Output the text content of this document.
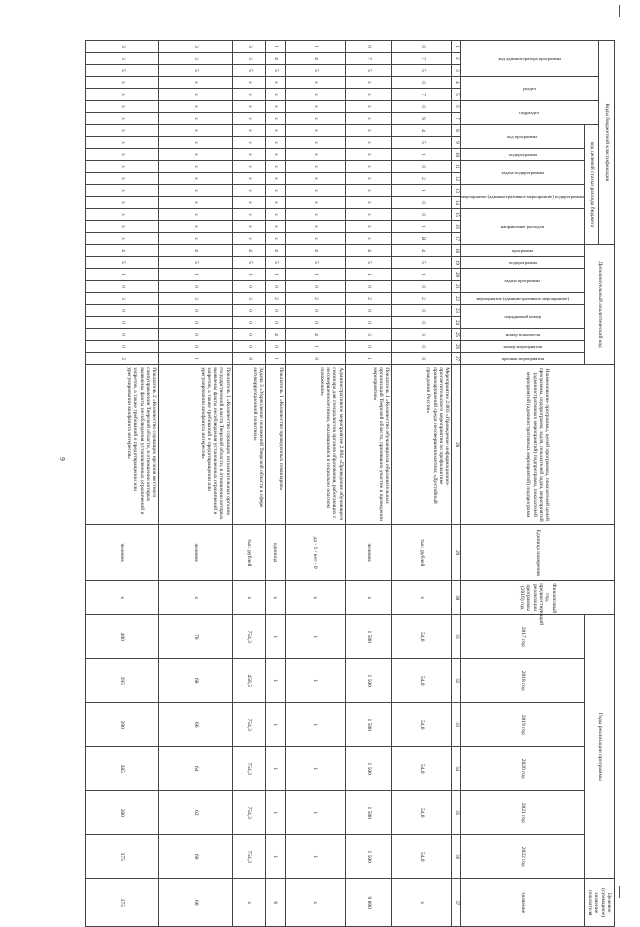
9
Коды бюджетной классификации																	Дополнительный аналитический код										Наименование программы, целей программы, показателей целей программы, подпрограмм, задач, показателей задач, мероприятий (административных мероприятий) подпрограмм, показателей мероприятий (административных мероприятий) подпрограмм	Единица измерения	Финансовый год, предшествующий реализации программы (2016) год	Годы реализации программы						Целевое (суммарное) значение показателя

код администратора программы			раздел		подраздел		код целевой статьи расхода бюджета																													

							код программы		подпрограмма	задача подпрограммы		мероприятие (административное мероприятие) подпрограммы		направление расходов			программа	подпрограмма	задача программы		мероприятие (административное мероприятие)	порядковый номер		номер показателя	номер мероприятия	признак мероприятия				2017 год	2018 год	2019 год	2020 год	2021 год	2022 год	значение
1	2	3	4	5	6	7	8	9	10	11	12	13	14	15	16	17	18	19	20	21	22	23	24	25	26	27	28	29	30	31	32	33	34	35	36	37
0	7	5	0	7	0	9	4	5	1	0	2	1	0	0	1	В	4	5	1	0	2	0	0	3	0	0	Мероприятие 2.003 «Проведение информационно-просветительского мероприятия по профилактике правонарушений среди несовершеннолетних «Достойный гражданин России»	тыс. рублей	x	54,0	54,0	54,0	54,0	54,0	54,0	x
0	7	5	x	x	x	x	x	x	x	x	x	x	x	x	x	x	4	5	1	0	2	0	0	3	0	1	Показатель 1 «Количество обучающихся образовательных организаций Тверской области, принявших участие в проведении мероприятия»	человек	x	1 500	1 500	1 500	1 500	1 500	1 500	9 000
1	4	5	x	x	x	x	x	x	x	x	x	x	x	x	x	x	4	5	1	0	2	0	0	4	1	0	Административное мероприятие 2.004 «Проведение обучающего семинара для специалистов органов образования, работающих с несовершеннолетними, оказавшимися в социально опасном положении»	да - 1 / нет - 0	x	1	1	1	1	1	1	x
1	4	5	x	x	x	x	x	x	x	x	x	x	x	x	x	x	4	5	1	0	2	0	0	4	0	1	Показатель 1 «Количество проведенных семинаров»	единица	x	1	1	1	1	1	1	6
3	3	5	x	x	x	x	x	x	x	x	x	x	x	x	x	x	4	5	1	0	3	0	0	0	0	0	Задача 3 «Укрепление положений Тверской области в сфере антикоррупционной политики»	тыс. рублей	x	754,3	458,5	754,3	754,3	754,3	754,3	x
3	3	5	x	x	x	x	x	x	x	x	x	x	x	x	x	x	4	5	1	0	3	0	0	0	0	1	Показатель 1 «Количество служащих исполнительных органов государственной власти Тверской области, в отношении которых выявлены факты несоблюдения установленных ограничений и запретов, а также требований о предотвращении или урегулировании конфликта интересов»	человек	x	70	68	66	64	62	60	60
3	3	5	x	x	x	x	x	x	x	x	x	x	x	x	x	x	4	5	1	0	3	0	0	0	0	2	Показатель 2 «Количество служащих органов местного самоуправления Тверской области, в отношении которых выявлены факты несоблюдения установленных ограничений и запретов, а также требований о предотвращении или урегулировании конфликта интересов»	человек	x	400	395	390	385	380	375	375
